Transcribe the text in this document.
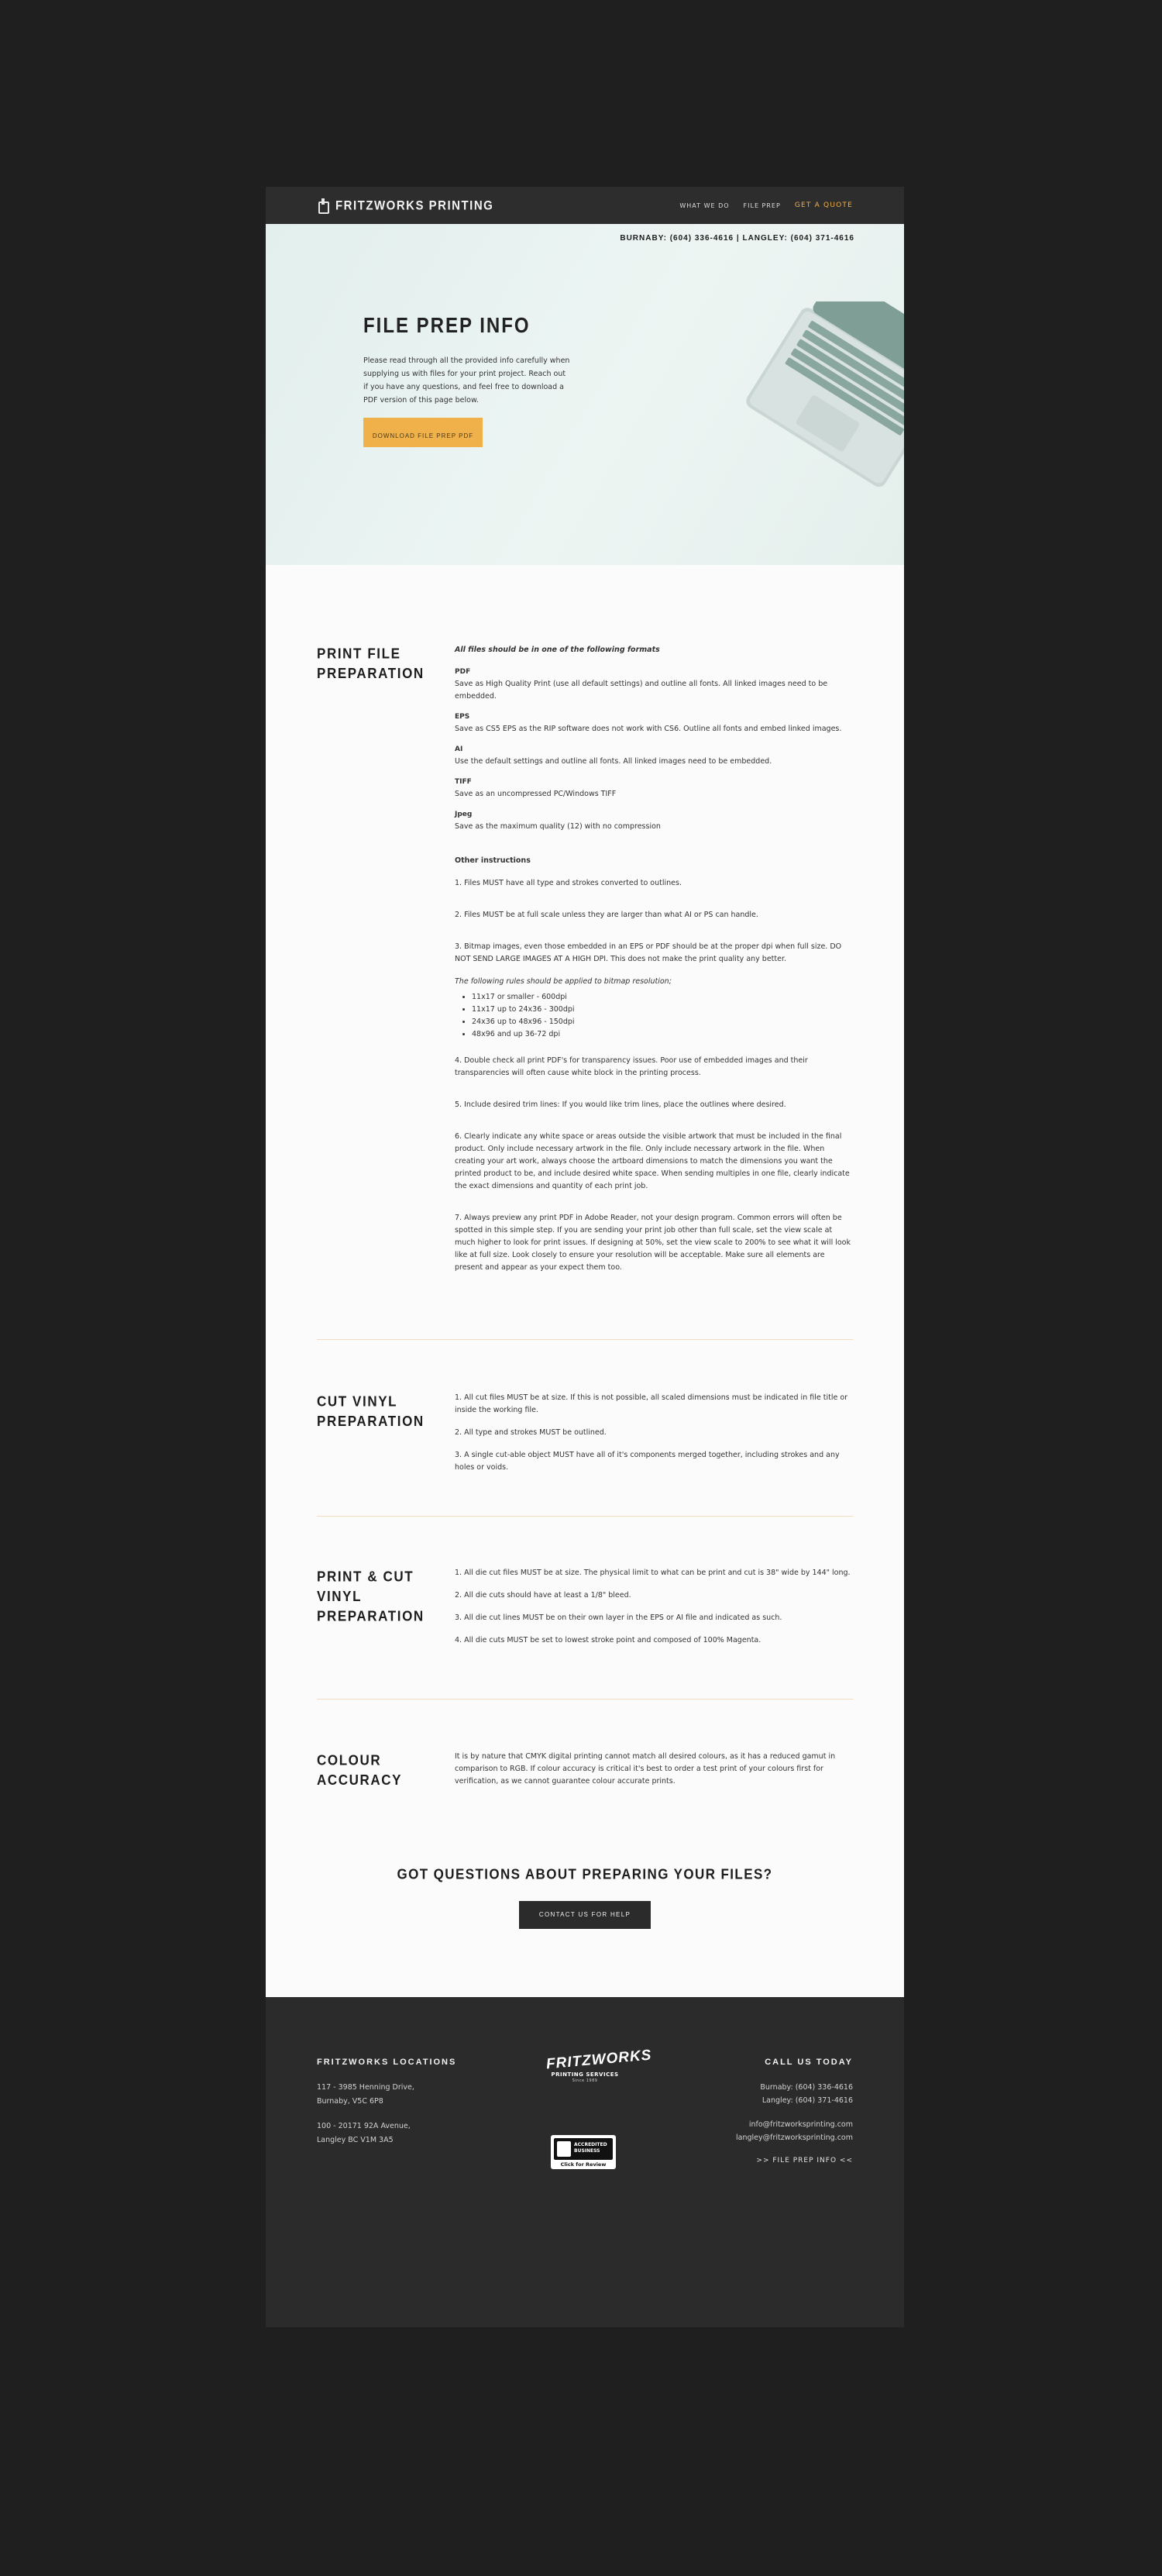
FRITZWORKS PRINTING	WHAT WE DO FILE PREP GET A QUOTE
BURNABY: (604) 336-4616 | LANGLEY: (604) 371-4616
FILE PREP INFO

Please read through all the provided info carefully when supplying us with files for your print project. Reach out if you have any questions, and feel free to download a PDF version of this page below.

DOWNLOAD FILE PREP PDF
PRINT FILE PREPARATION

All files should be in one of the following formats

PDF
Save as High Quality Print (use all default settings) and outline all fonts. All linked images need to be embedded.
EPS
Save as CS5 EPS as the RIP software does not work with CS6. Outline all fonts and embed linked images.
AI
Use the default settings and outline all fonts. All linked images need to be embedded.
TIFF
Save as an uncompressed PC/Windows TIFF
Jpeg
Save as the maximum quality (12) with no compression

Other instructions

1. Files MUST have all type and strokes converted to outlines.

2. Files MUST be at full scale unless they are larger than what AI or PS can handle.

3. Bitmap images, even those embedded in an EPS or PDF should be at the proper dpi when full size. DO NOT SEND LARGE IMAGES AT A HIGH DPI. This does not make the print quality any better.

The following rules should be applied to bitmap resolution;

• 11x17 or smaller - 600dpi
• 11x17 up to 24x36 - 300dpi
• 24x36 up to 48x96 - 150dpi
• 48x96 and up 36-72 dpi

4. Double check all print PDF's for transparency issues. Poor use of embedded images and their transparencies will often cause white block in the printing process.

5. Include desired trim lines: If you would like trim lines, place the outlines where desired.

6. Clearly indicate any white space or areas outside the visible artwork that must be included in the final product. Only include necessary artwork in the file. Only include necessary artwork in the file. When creating your art work, always choose the artboard dimensions to match the dimensions you want the printed product to be, and include desired white space. When sending multiples in one file, clearly indicate the exact dimensions and quantity of each print job.

7. Always preview any print PDF in Adobe Reader, not your design program. Common errors will often be spotted in this simple step. If you are sending your print job other than full scale, set the view scale at much higher to look for print issues. If designing at 50%, set the view scale to 200% to see what it will look like at full size. Look closely to ensure your resolution will be acceptable. Make sure all elements are present and appear as your expect them too.

CUT VINYL PREPARATION

1. All cut files MUST be at size. If this is not possible, all scaled dimensions must be indicated in file title or inside the working file.

2. All type and strokes MUST be outlined.

3. A single cut-able object MUST have all of it's components merged together, including strokes and any holes or voids.

PRINT & CUT VINYL PREPARATION

1. All die cut files MUST be at size. The physical limit to what can be print and cut is 38" wide by 144" long.

2. All die cuts should have at least a 1/8" bleed.

3. All die cut lines MUST be on their own layer in the EPS or AI file and indicated as such.

4. All die cuts MUST be set to lowest stroke point and composed of 100% Magenta.

COLOUR ACCURACY

It is by nature that CMYK digital printing cannot match all desired colours, as it has a reduced gamut in comparison to RGB. If colour accuracy is critical it's best to order a test print of your colours first for verification, as we cannot guarantee colour accurate prints.

GOT QUESTIONS ABOUT PREPARING YOUR FILES?
CONTACT US FOR HELP
FRITZWORKS LOCATIONS

117 - 3985 Henning Drive,

Burnaby, V5C 6P8

100 - 20171 92A Avenue,

Langley BC V1M 3A5

FRITZWORKS
PRINTING SERVICES
Since 1989
ACCREDITED
BUSINESS
Click for Review
CALL US TODAY

Burnaby: (604) 336-4616

Langley: (604) 371-4616

info@fritzworksprinting.com

langley@fritzworksprinting.com

>> FILE PREP INFO <<
